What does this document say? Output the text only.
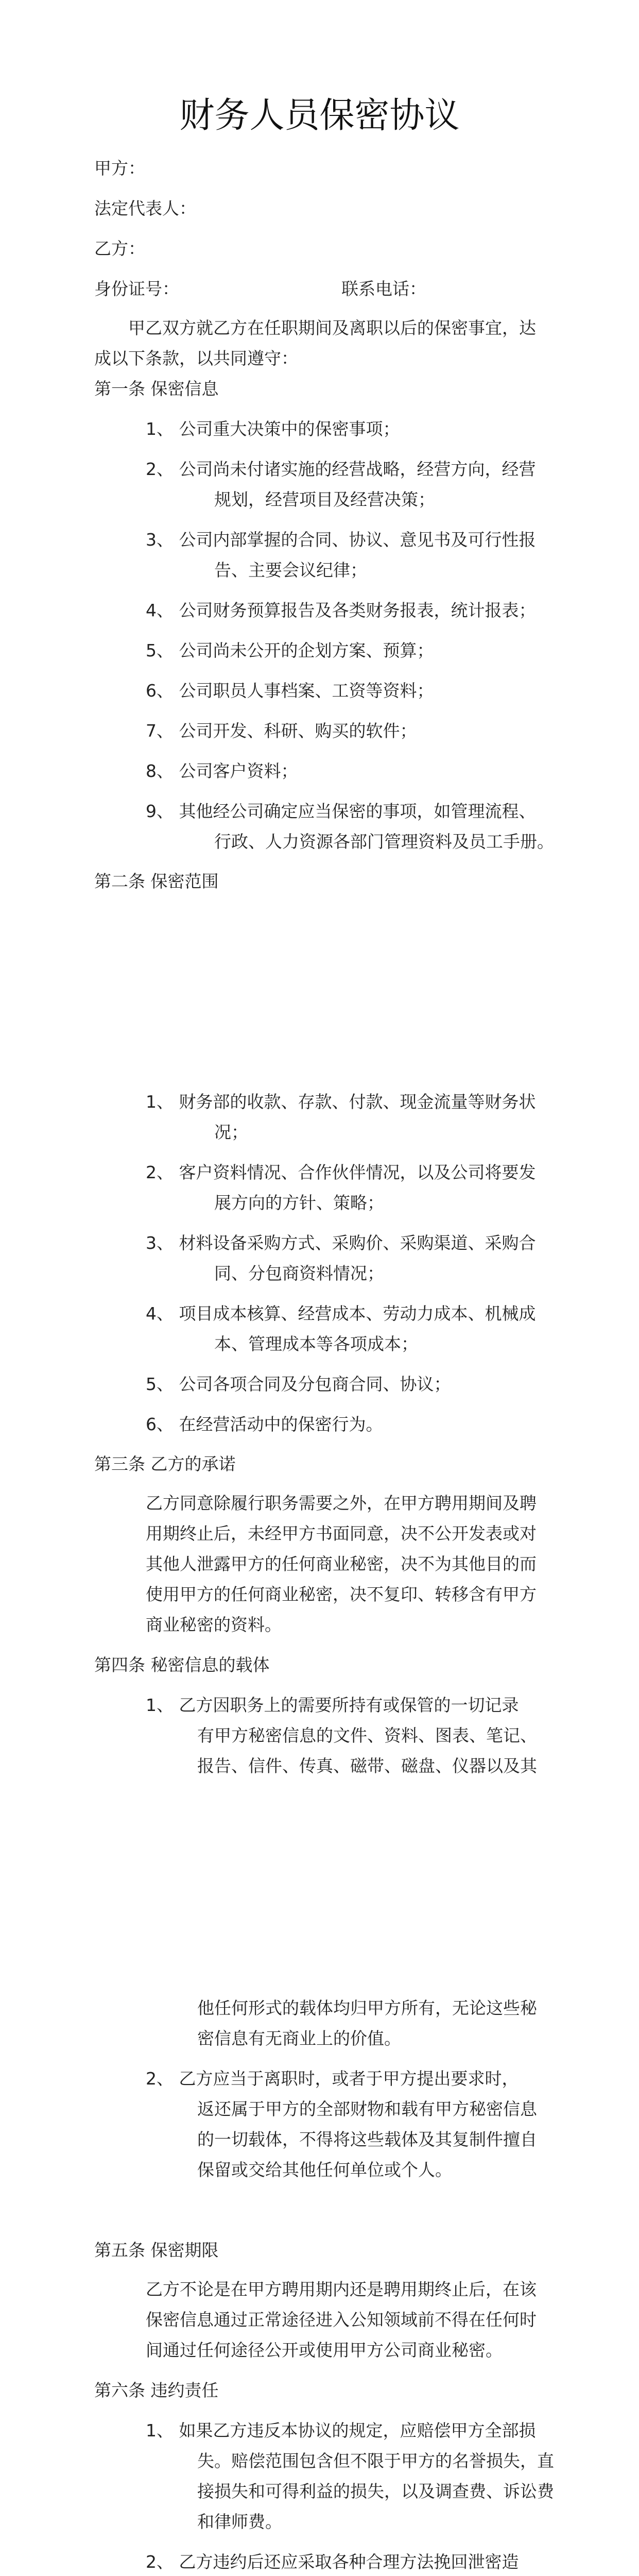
财务人员保密协议
甲方：
法定代表人：
乙方：
身份证号：	联系电话：
甲乙双方就乙方在任职期间及离职以后的保密事宜，达
成以下条款，以共同遵守：
第一条 保密信息
1、 公司重大决策中的保密事项；
2、 公司尚未付诸实施的经营战略，经营方向，经营
规划，经营项目及经营决策；
3、 公司内部掌握的合同、协议、意见书及可行性报
告、主要会议纪律；
4、 公司财务预算报告及各类财务报表，统计报表；
5、 公司尚未公开的企划方案、预算；
6、 公司职员人事档案、工资等资料；
7、 公司开发、科研、购买的软件；
8、 公司客户资料；
9、 其他经公司确定应当保密的事项，如管理流程、
行政、人力资源各部门管理资料及员工手册。
第二条 保密范围
1、 财务部的收款、存款、付款、现金流量等财务状
况；
2、 客户资料情况、合作伙伴情况，以及公司将要发
展方向的方针、策略；
3、 材料设备采购方式、采购价、采购渠道、采购合
同、分包商资料情况；
4、 项目成本核算、经营成本、劳动力成本、机械成
本、管理成本等各项成本；
5、 公司各项合同及分包商合同、协议；
6、 在经营活动中的保密行为。
第三条 乙方的承诺
乙方同意除履行职务需要之外，在甲方聘用期间及聘
用期终止后，未经甲方书面同意，决不公开发表或对
其他人泄露甲方的任何商业秘密，决不为其他目的而
使用甲方的任何商业秘密，决不复印、转移含有甲方
商业秘密的资料。
第四条 秘密信息的载体
1、 乙方因职务上的需要所持有或保管的一切记录
有甲方秘密信息的文件、资料、图表、笔记、
报告、信件、传真、磁带、磁盘、仪器以及其
他任何形式的载体均归甲方所有，无论这些秘
密信息有无商业上的价值。
2、 乙方应当于离职时，或者于甲方提出要求时，
返还属于甲方的全部财物和载有甲方秘密信息
的一切载体，不得将这些载体及其复制件擅自
保留或交给其他任何单位或个人。
第五条 保密期限
乙方不论是在甲方聘用期内还是聘用期终止后，在该
保密信息通过正常途径进入公知领域前不得在任何时
间通过任何途径公开或使用甲方公司商业秘密。
第六条 违约责任
1、 如果乙方违反本协议的规定，应赔偿甲方全部损
失。赔偿范围包含但不限于甲方的名誉损失，直
接损失和可得利益的损失，以及调查费、诉讼费
和律师费。
2、 乙方违约后还应采取各种合理方法挽回泄密造
